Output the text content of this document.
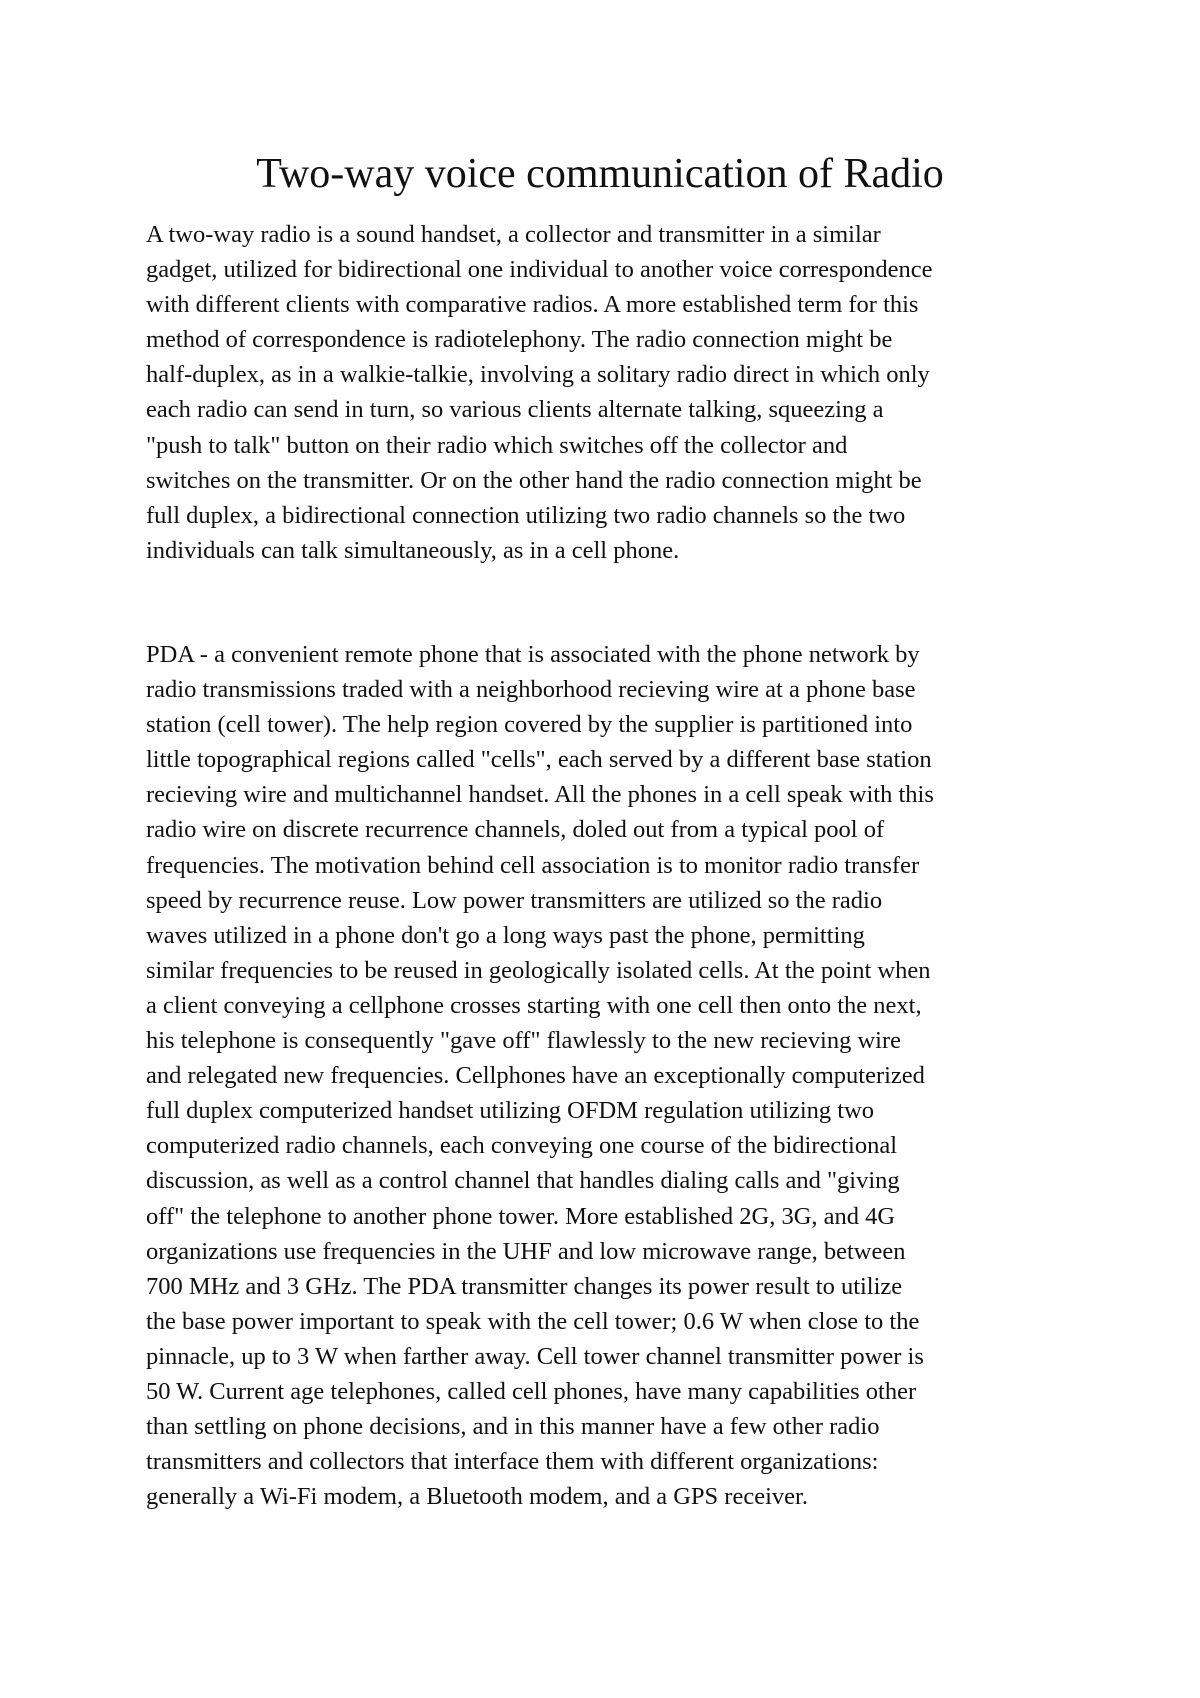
Two-way voice communication of Radio

A two-way radio is a sound handset, a collector and transmitter in a similar
gadget, utilized for bidirectional one individual to another voice correspondence
with different clients with comparative radios. A more established term for this
method of correspondence is radiotelephony. The radio connection might be
half-duplex, as in a walkie-talkie, involving a solitary radio direct in which only
each radio can send in turn, so various clients alternate talking, squeezing a
"push to talk" button on their radio which switches off the collector and
switches on the transmitter. Or on the other hand the radio connection might be
full duplex, a bidirectional connection utilizing two radio channels so the two
individuals can talk simultaneously, as in a cell phone.

PDA - a convenient remote phone that is associated with the phone network by
radio transmissions traded with a neighborhood recieving wire at a phone base
station (cell tower). The help region covered by the supplier is partitioned into
little topographical regions called "cells", each served by a different base station
recieving wire and multichannel handset. All the phones in a cell speak with this
radio wire on discrete recurrence channels, doled out from a typical pool of
frequencies. The motivation behind cell association is to monitor radio transfer
speed by recurrence reuse. Low power transmitters are utilized so the radio
waves utilized in a phone don't go a long ways past the phone, permitting
similar frequencies to be reused in geologically isolated cells. At the point when
a client conveying a cellphone crosses starting with one cell then onto the next,
his telephone is consequently "gave off" flawlessly to the new recieving wire
and relegated new frequencies. Cellphones have an exceptionally computerized
full duplex computerized handset utilizing OFDM regulation utilizing two
computerized radio channels, each conveying one course of the bidirectional
discussion, as well as a control channel that handles dialing calls and "giving
off" the telephone to another phone tower. More established 2G, 3G, and 4G
organizations use frequencies in the UHF and low microwave range, between
700 MHz and 3 GHz. The PDA transmitter changes its power result to utilize
the base power important to speak with the cell tower; 0.6 W when close to the
pinnacle, up to 3 W when farther away. Cell tower channel transmitter power is
50 W. Current age telephones, called cell phones, have many capabilities other
than settling on phone decisions, and in this manner have a few other radio
transmitters and collectors that interface them with different organizations:
generally a Wi-Fi modem, a Bluetooth modem, and a GPS receiver.
